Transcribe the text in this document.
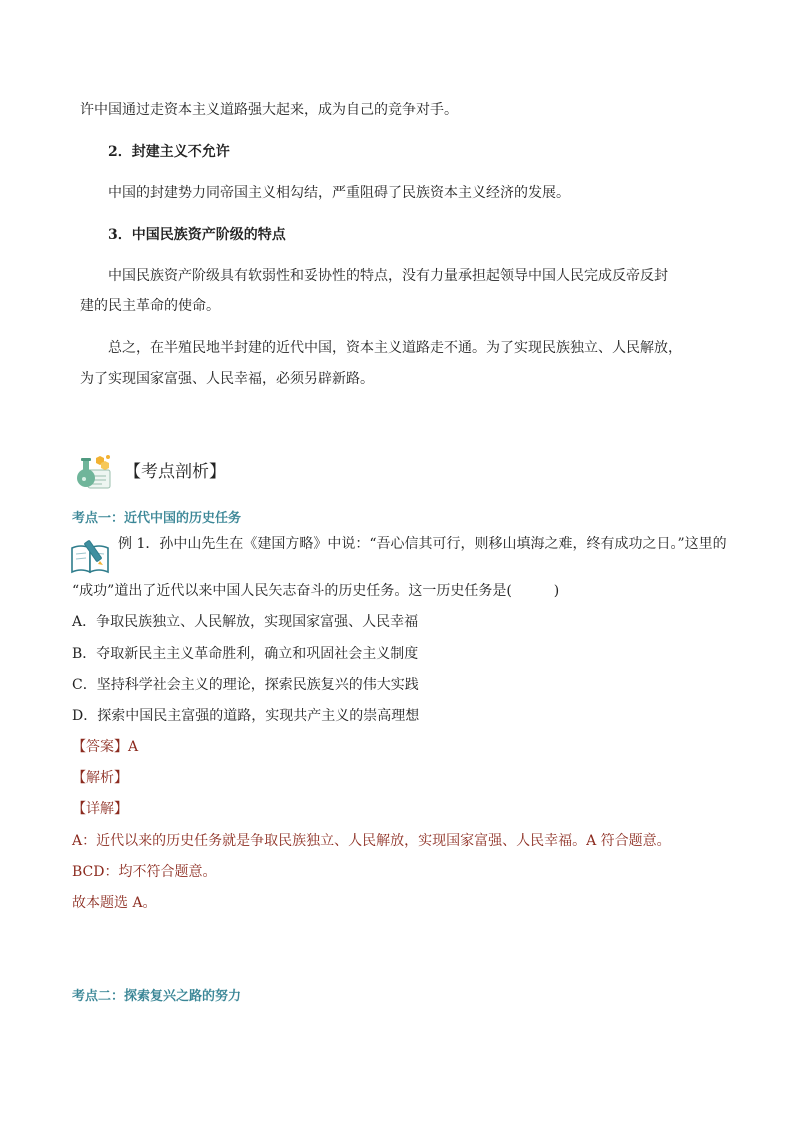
许中国通过走资本主义道路强大起来，成为自己的竞争对手。
2．封建主义不允许
中国的封建势力同帝国主义相勾结，严重阻碍了民族资本主义经济的发展。
3．中国民族资产阶级的特点
中国民族资产阶级具有软弱性和妥协性的特点，没有力量承担起领导中国人民完成反帝反封
建的民主革命的使命。
总之，在半殖民地半封建的近代中国，资本主义道路走不通。为了实现民族独立、人民解放，
为了实现国家富强、人民幸福，必须另辟新路。
【考点剖析】
考点一：近代中国的历史任务
例 1．孙中山先生在《建国方略》中说：“吾心信其可行，则移山填海之难，终有成功之日。”这里的
“成功”道出了近代以来中国人民矢志奋斗的历史任务。这一历史任务是(　　　)
A．争取民族独立、人民解放，实现国家富强、人民幸福
B．夺取新民主主义革命胜利，确立和巩固社会主义制度
C．坚持科学社会主义的理论，探索民族复兴的伟大实践
D．探索中国民主富强的道路，实现共产主义的崇高理想
【答案】A
【解析】
【详解】
A：近代以来的历史任务就是争取民族独立、人民解放，实现国家富强、人民幸福。A 符合题意。
BCD：均不符合题意。
故本题选 A。
考点二：探索复兴之路的努力
